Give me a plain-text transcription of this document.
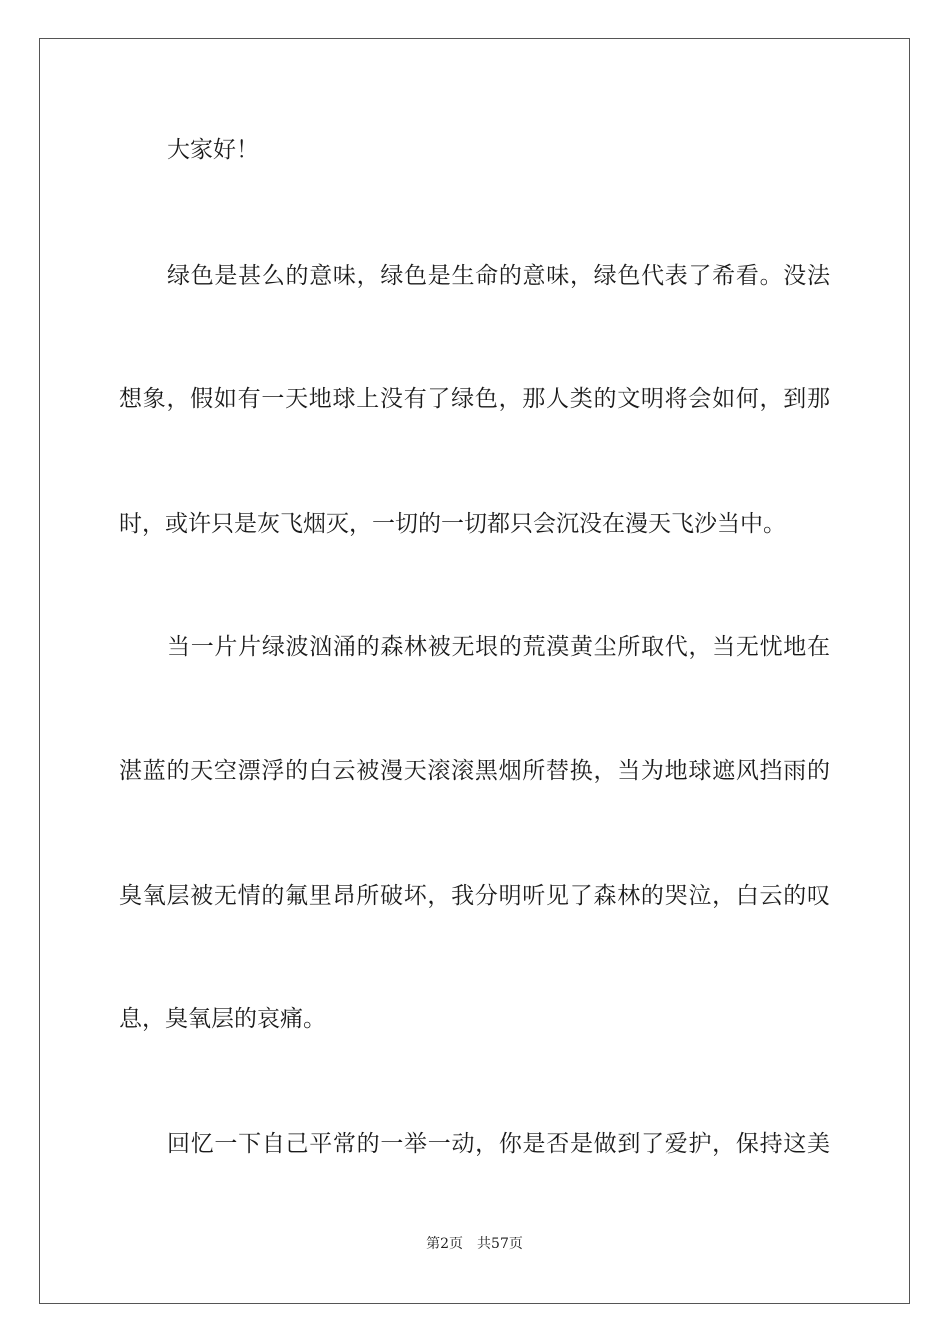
大家好！
绿色是甚么的意味，绿色是生命的意味，绿色代表了希看。没法
想象，假如有一天地球上没有了绿色，那人类的文明将会如何，到那
时，或许只是灰飞烟灭，一切的一切都只会沉没在漫天飞沙当中。
当一片片绿波汹涌的森林被无垠的荒漠黄尘所取代，当无忧地在
湛蓝的天空漂浮的白云被漫天滚滚黑烟所替换，当为地球遮风挡雨的
臭氧层被无情的氟里昂所破坏，我分明听见了森林的哭泣，白云的叹
息，臭氧层的哀痛。
回忆一下自己平常的一举一动，你是否是做到了爱护，保持这美
第2页 共57页
